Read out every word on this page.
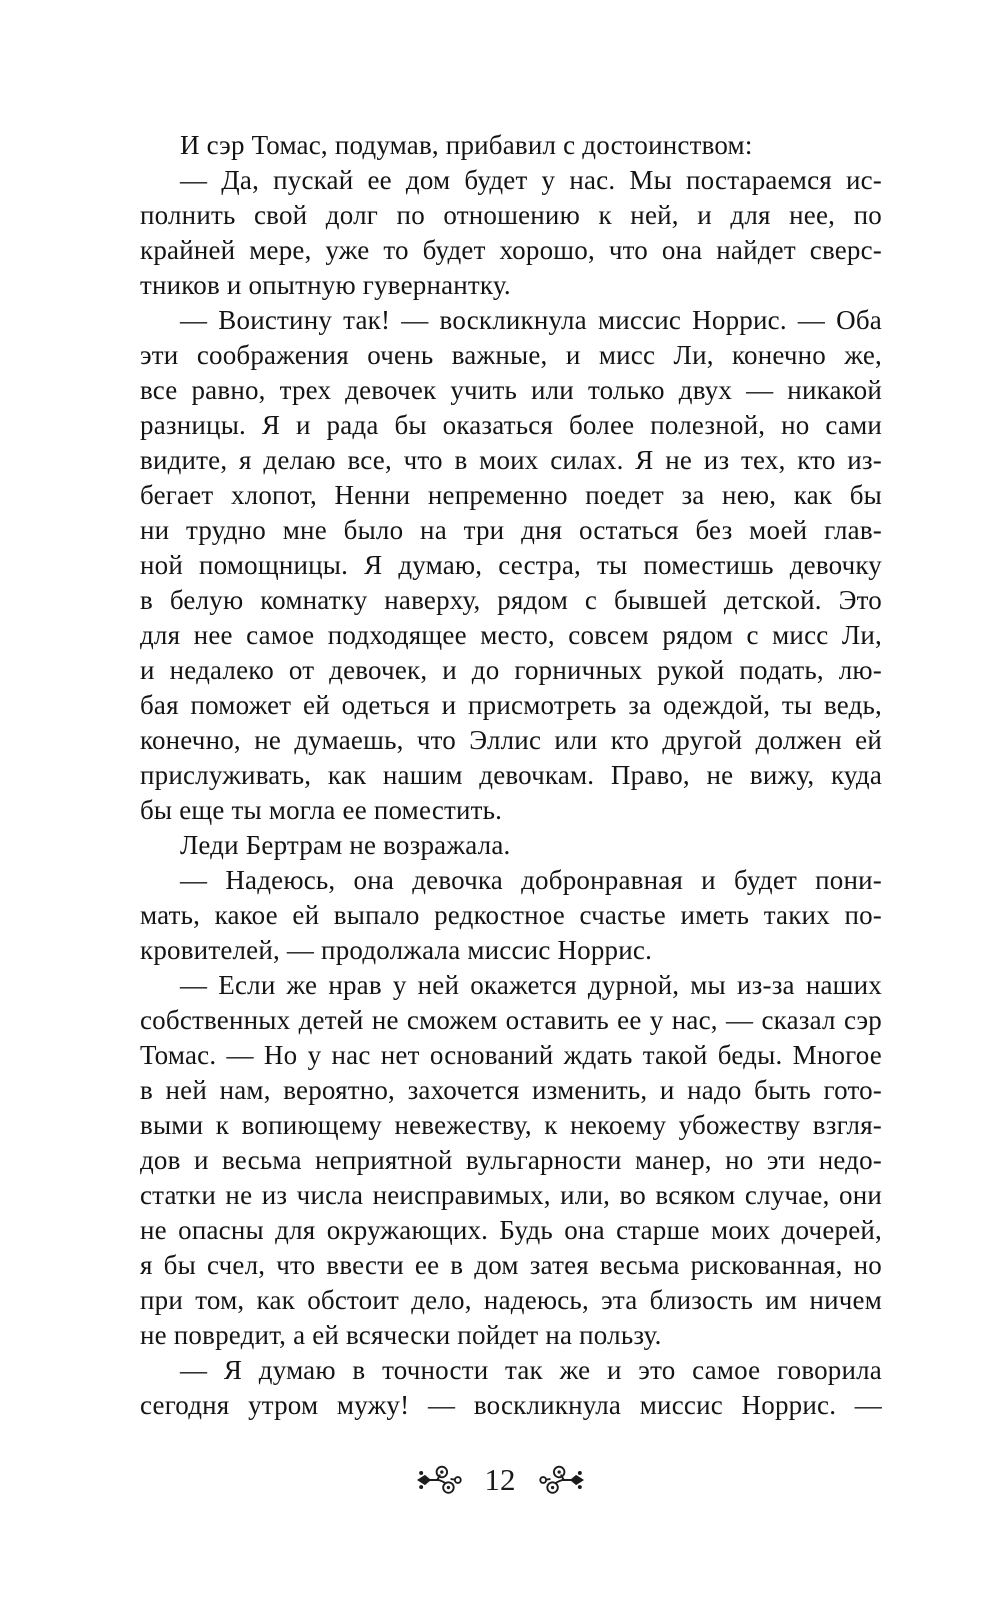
И сэр Томас, подумав, прибавил с достоинством:
— Да, пускай ее дом будет у нас. Мы постараемся ис-
полнить свой долг по отношению к ней, и для нее, по
крайней мере, уже то будет хорошо, что она найдет сверс-
тников и опытную гувернантку.
— Воистину так! — воскликнула миссис Норрис. — Оба
эти соображения очень важные, и мисс Ли, конечно же,
все равно, трех девочек учить или только двух — никакой
разницы. Я и рада бы оказаться более полезной, но сами
видите, я делаю все, что в моих силах. Я не из тех, кто из-
бегает хлопот, Ненни непременно поедет за нею, как бы
ни трудно мне было на три дня остаться без моей глав-
ной помощницы. Я думаю, сестра, ты поместишь девочку
в белую комнатку наверху, рядом с бывшей детской. Это
для нее самое подходящее место, совсем рядом с мисс Ли,
и недалеко от девочек, и до горничных рукой подать, лю-
бая поможет ей одеться и присмотреть за одеждой, ты ведь,
конечно, не думаешь, что Эллис или кто другой должен ей
прислуживать, как нашим девочкам. Право, не вижу, куда
бы еще ты могла ее поместить.
Леди Бертрам не возражала.
— Надеюсь, она девочка добронравная и будет пони-
мать, какое ей выпало редкостное счастье иметь таких по-
кровителей, — продолжала миссис Норрис.
— Если же нрав у ней окажется дурной, мы из-за наших
собственных детей не сможем оставить ее у нас, — сказал сэр
Томас. — Но у нас нет оснований ждать такой беды. Многое
в ней нам, вероятно, захочется изменить, и надо быть гото-
выми к вопиющему невежеству, к некоему убожеству взгля-
дов и весьма неприятной вульгарности манер, но эти недо-
статки не из числа неисправимых, или, во всяком случае, они
не опасны для окружающих. Будь она старше моих дочерей,
я бы счел, что ввести ее в дом затея весьма рискованная, но
при том, как обстоит дело, надеюсь, эта близость им ничем
не повредит, а ей всячески пойдет на пользу.
— Я думаю в точности так же и это самое говорила
сегодня утром мужу! — воскликнула миссис Норрис. —
12
